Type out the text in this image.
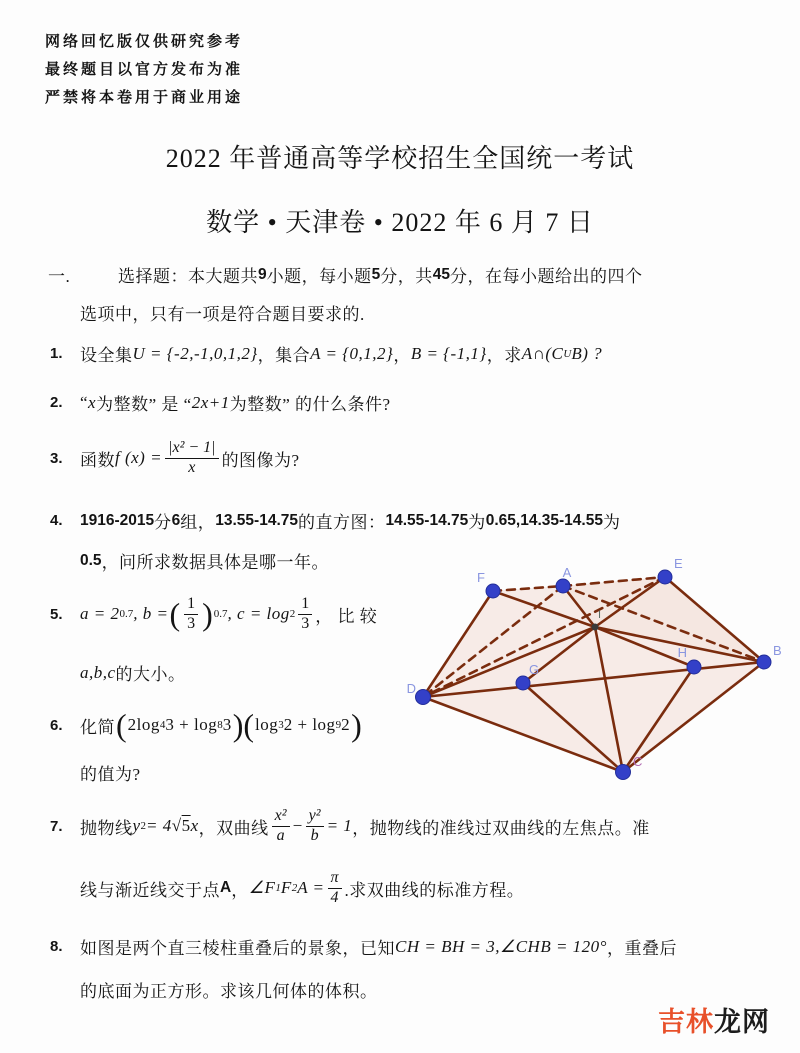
网络回忆版仅供研究参考
最终题目以官方发布为准
严禁将本卷用于商业用途
2022 年普通高等学校招生全国统一考试
数学 • 天津卷 • 2022 年 6 月 7 日
一.	选择题：本大题共 9 小题，每小题 5 分，共 45 分，在每小题给出的四个
选项中，只有一项是符合题目要求的.
1.	设全集 U = {-2,-1,0,1,2} ，集合 A = {0,1,2} ， B = {-1,1} ，求 A∩(C U B) ?
2.	“ x 为整数” 是 “ 2x+1 为整数” 的什么条件?
3.	函数 f $(x) = \frac{\text{|x² − 1|}}{x}$ 的图像为?
4.	1916-2015 分 6 组， 13.55-14.75 的直方图： 14.55-14.75 为 0.65,14.35-14.55 为
0.5 ，问所求数据具体是哪一年。
5.	a = 2 0.7 , b = ( $\frac{1}{3}$ ) 0.7 , $c = \log 2 \frac{1}{3}$ ， 比 较
a,b,c 的大小。
6.	化简 ( 2log 4 3 + log 8 3 )( log 3 2 + log 9 2 )
的值为?
7.	抛物线 y 2 = 4√ 5 x ，双曲线 $\frac{\text{x²}}{a} - \frac{\text{y²}}{b} = 1$ ，抛物线的准线过双曲线的左焦点。准
线与渐近线交于点 A ， ∠F 1 F 2 $A = \frac{\pi}{4}$ .求双曲线的标准方程。
8.	如图是两个直三棱柱重叠后的景象，已知 CH = BH = 3,∠CHB = 120° ，重叠后
的底面为正方形。求该几何体的体积。
F	A
E
D
G
H	B
C
I
吉林龙网
